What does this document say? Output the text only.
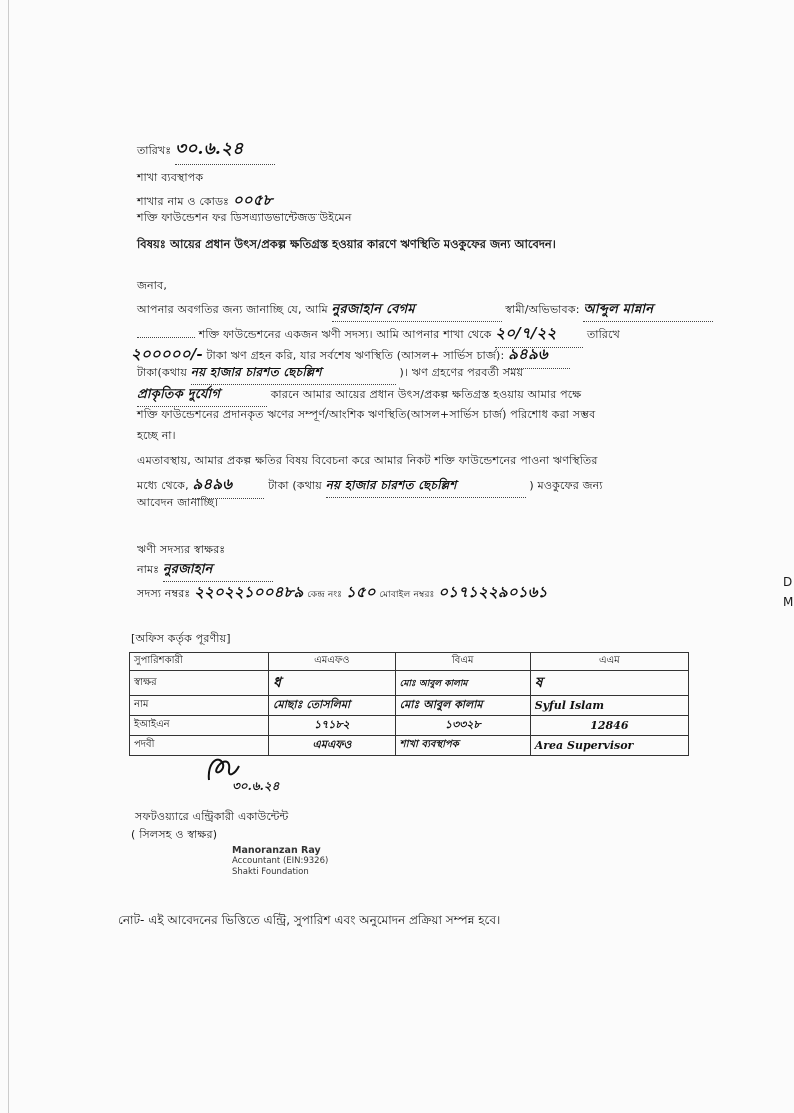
তারিখঃ ৩০.৬.২৪
শাখা ব্যবস্থাপক
শাখার নাম ও কোডঃ ০০৫৮
শক্তি ফাউন্ডেশন ফর ডিসএ্যাডভান্টেজড উইমেন
বিষয়ঃ আয়ের প্রধান উৎস/প্রকল্প ক্ষতিগ্রস্ত হওয়ার কারণে ঋণস্থিতি মওকুফের জন্য আবেদন।
জনাব,
আপনার অবগতির জন্য জানাচ্ছি যে, আমি নুরজাহান বেগম	স্বামী/অভিভাবক: আব্দুল মান্নান
শক্তি ফাউন্ডেশনের একজন ঋণী সদস্য। আমি আপনার শাখা থেকে ২০/৭/২২	তারিখে
২০০০০০/- টাকা ঋণ গ্রহন করি, যার সর্বশেষ ঋণস্থিতি (আসল+ সার্ভিস চার্জ): ৯৪৯৬
টাকা(কথায় নয় হাজার চারশত ছেচল্লিশ	)। ঋণ গ্রহণের পরবর্তী সময়
প্রাকৃতিক দুর্যোগ	কারনে আমার আয়ের প্রধান উৎস/প্রকল্প ক্ষতিগ্রস্ত হওয়ায় আমার পক্ষে
শক্তি ফাউন্ডেশনের প্রদানকৃত ঋণের সম্পূর্ণ/আংশিক ঋণস্থিতি(আসল+সার্ভিস চার্জ) পরিশোধ করা সম্ভব
হচ্ছে না।
এমতাবস্থায়, আমার প্রকল্প ক্ষতির বিষয় বিবেচনা করে আমার নিকট শক্তি ফাউন্ডেশনের পাওনা ঋণস্থিতির
মধ্যে থেকে, ৯৪৯৬	টাকা (কথায় নয় হাজার চারশত ছেচল্লিশ	) মওকুফের জন্য
আবেদন জানাচ্ছি।
ঋণী সদস্যর স্বাক্ষরঃ
নামঃ নুরজাহান
সদস্য নম্বরঃ ২২০২২১০০৪৮৯ কেন্দ্র নংঃ ১৫০ মোবাইল নম্বরঃ ০১৭১২২৯০১৬১
[অফিস কর্তৃক পূরণীয়]
সুপারিশকারী	এমএফও	বিএম	এএম
স্বাক্ষর	ধ	মোঃ আবুল কালাম	ষ
নাম	মোছাঃ তোসলিমা	মোঃ আবুল কালাম	Syful Islam
ইআইএন	১৭১৮২	১৩৩২৮	12846
পদবী	এমএফও	শাখা ব্যবস্থাপক	Area Supervisor
৩০.৬.২৪
সফটওয়্যারে এন্ট্রিকারী একাউন্টেন্ট
( সিলসহ ও স্বাক্ষর)
Manoranzan Ray
Accountant (EIN:9326)
Shakti Foundation
নোট- এই আবেদনের ভিত্তিতে এন্ট্রি, সুপারিশ এবং অনুমোদন প্রক্রিয়া সম্পন্ন হবে।
D
M
